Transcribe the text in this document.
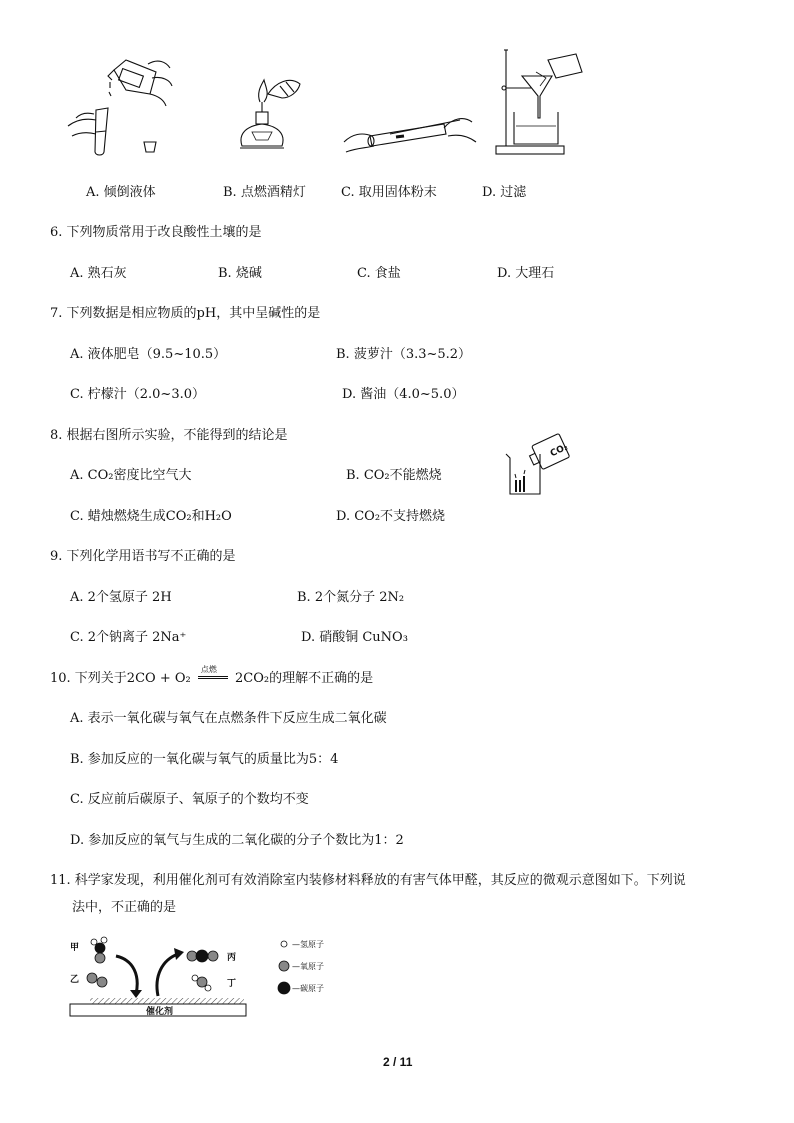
A. 倾倒液体	B. 点燃酒精灯	C. 取用固体粉末	D. 过滤
6. 下列物质常用于改良酸性土壤的是
A. 熟石灰	B. 烧碱	C. 食盐	D. 大理石
7. 下列数据是相应物质的pH，其中呈碱性的是
A. 液体肥皂（9.5~10.5）	B. 菠萝汁（3.3~5.2）
C. 柠檬汁（2.0~3.0）	D. 酱油（4.0~5.0）
8. 根据右图所示实验，不能得到的结论是
A. CO₂密度比空气大	B. CO₂不能燃烧
C. 蜡烛燃烧生成CO₂和H₂O	D. CO₂不支持燃烧
CO₂
9. 下列化学用语书写不正确的是
A. 2个氢原子 2H	B. 2个氮分子 2N₂
C. 2个钠离子 2Na⁺	D. 硝酸铜 CuNO₃
10. 下列关于2CO + O₂
点燃
2CO₂的理解不正确的是
A. 表示一氧化碳与氧气在点燃条件下反应生成二氧化碳
B. 参加反应的一氧化碳与氧气的质量比为5：4
C. 反应前后碳原子、氧原子的个数均不变
D. 参加反应的氧气与生成的二氧化碳的分子个数比为1：2
11. 科学家发现，利用催化剂可有效消除室内装修材料释放的有害气体甲醛，其反应的微观示意图如下。下列说
法中，不正确的是
催化剂
甲
乙
丙
丁
—氢原子
—氧原子
—碳原子
2 / 11
